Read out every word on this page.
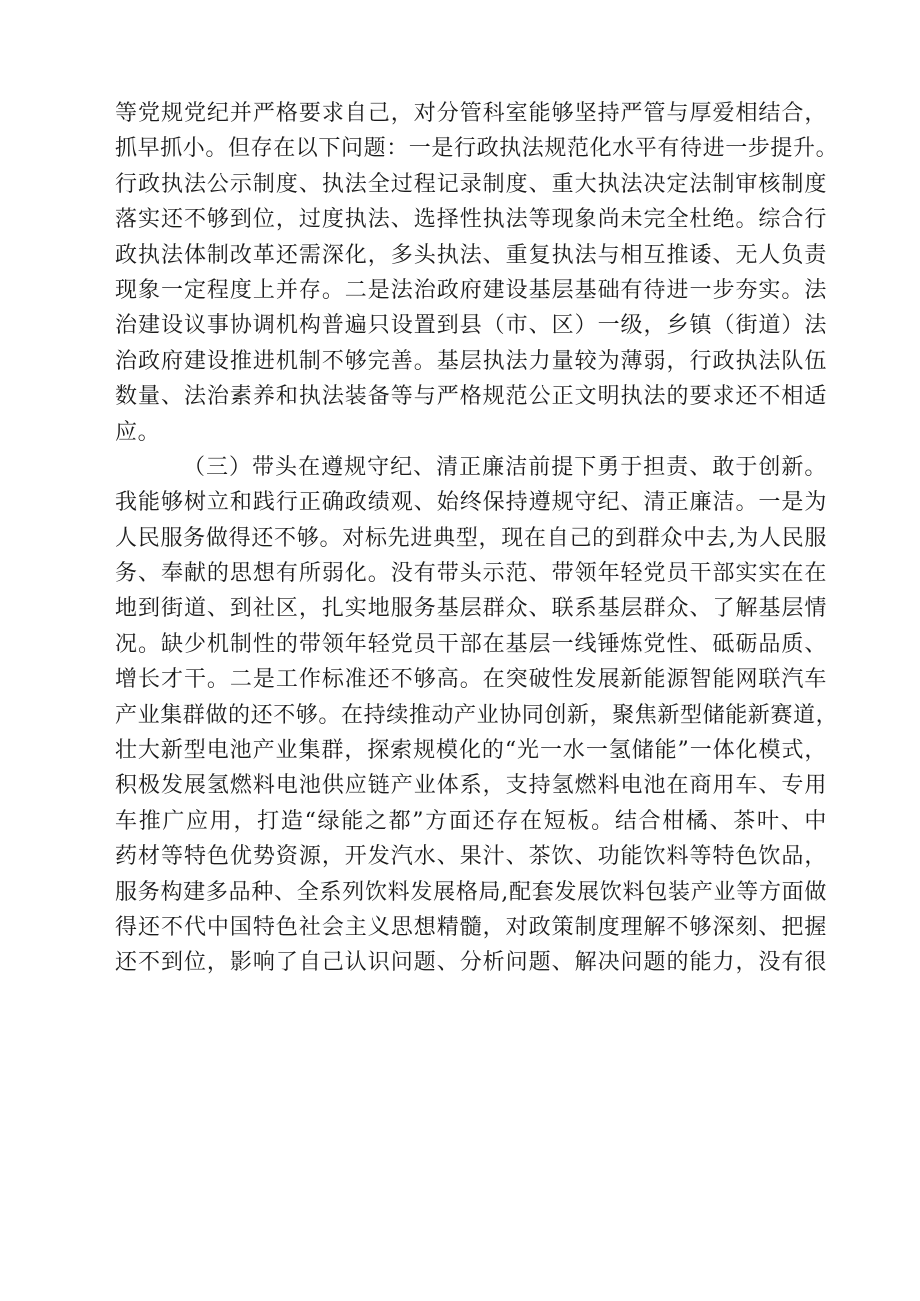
等党规党纪并严格要求自己，对分管科室能够坚持严管与厚爱相结合，
抓早抓小。但存在以下问题：一是行政执法规范化水平有待进一步提升。
行政执法公示制度、执法全过程记录制度、重大执法决定法制审核制度
落实还不够到位，过度执法、选择性执法等现象尚未完全杜绝。综合行
政执法体制改革还需深化，多头执法、重复执法与相互推诿、无人负责
现象一定程度上并存。二是法治政府建设基层基础有待进一步夯实。法
治建设议事协调机构普遍只设置到县（市、区）一级，乡镇（街道）法
治政府建设推进机制不够完善。基层执法力量较为薄弱，行政执法队伍
数量、法治素养和执法装备等与严格规范公正文明执法的要求还不相适
应。
（三）带头在遵规守纪、清正廉洁前提下勇于担责、敢于创新。
我能够树立和践行正确政绩观、始终保持遵规守纪、清正廉洁。一是为
人民服务做得还不够。对标先进典型，现在自己的到群众中去,为人民服
务、奉献的思想有所弱化。没有带头示范、带领年轻党员干部实实在在
地到街道、到社区，扎实地服务基层群众、联系基层群众、了解基层情
况。缺少机制性的带领年轻党员干部在基层一线锤炼党性、砥砺品质、
增长才干。二是工作标准还不够高。在突破性发展新能源智能网联汽车
产业集群做的还不够。在持续推动产业协同创新，聚焦新型储能新赛道，
壮大新型电池产业集群，探索规模化的“光一水一氢储能”一体化模式，
积极发展氢燃料电池供应链产业体系，支持氢燃料电池在商用车、专用
车推广应用，打造“绿能之都”方面还存在短板。结合柑橘、茶叶、中
药材等特色优势资源，开发汽水、果汁、茶饮、功能饮料等特色饮品，
服务构建多品种、全系列饮料发展格局,配套发展饮料包装产业等方面做
得还不代中国特色社会主义思想精髓，对政策制度理解不够深刻、把握
还不到位，影响了自己认识问题、分析问题、解决问题的能力，没有很
